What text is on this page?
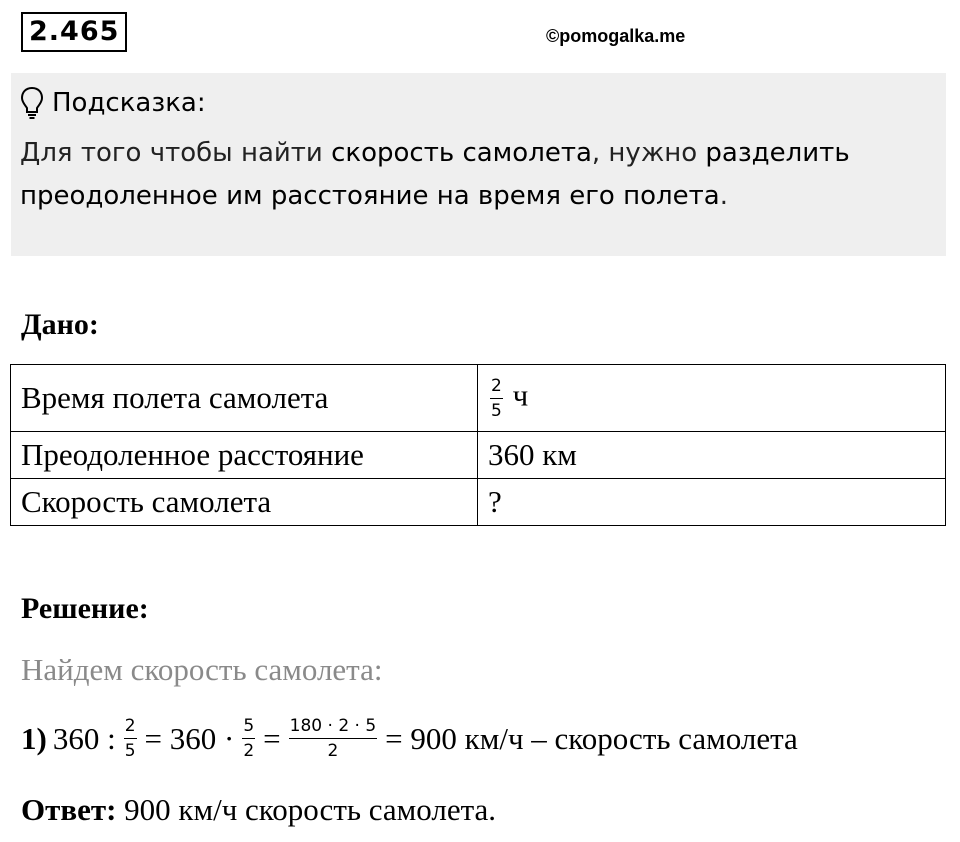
2.465	©pomogalka.me
Подсказка:
Для того чтобы найти скорость самолета, нужно разделить преодоленное им расстояние на время его полета.
Дано:
Время полета самолета	$\frac{2}{5}$ ч
Преодоленное расстояние	360 км
Скорость самолета	?
Решение:
Найдем скорость самолета:
1) 360 : $\frac{2}{5} = 360 \cdot \frac{5}{2} = \frac{180 \cdot 2 \cdot 5}{2} = 900$ км/ч – скорость самолета
Ответ: 900 км/ч скорость самолета.
